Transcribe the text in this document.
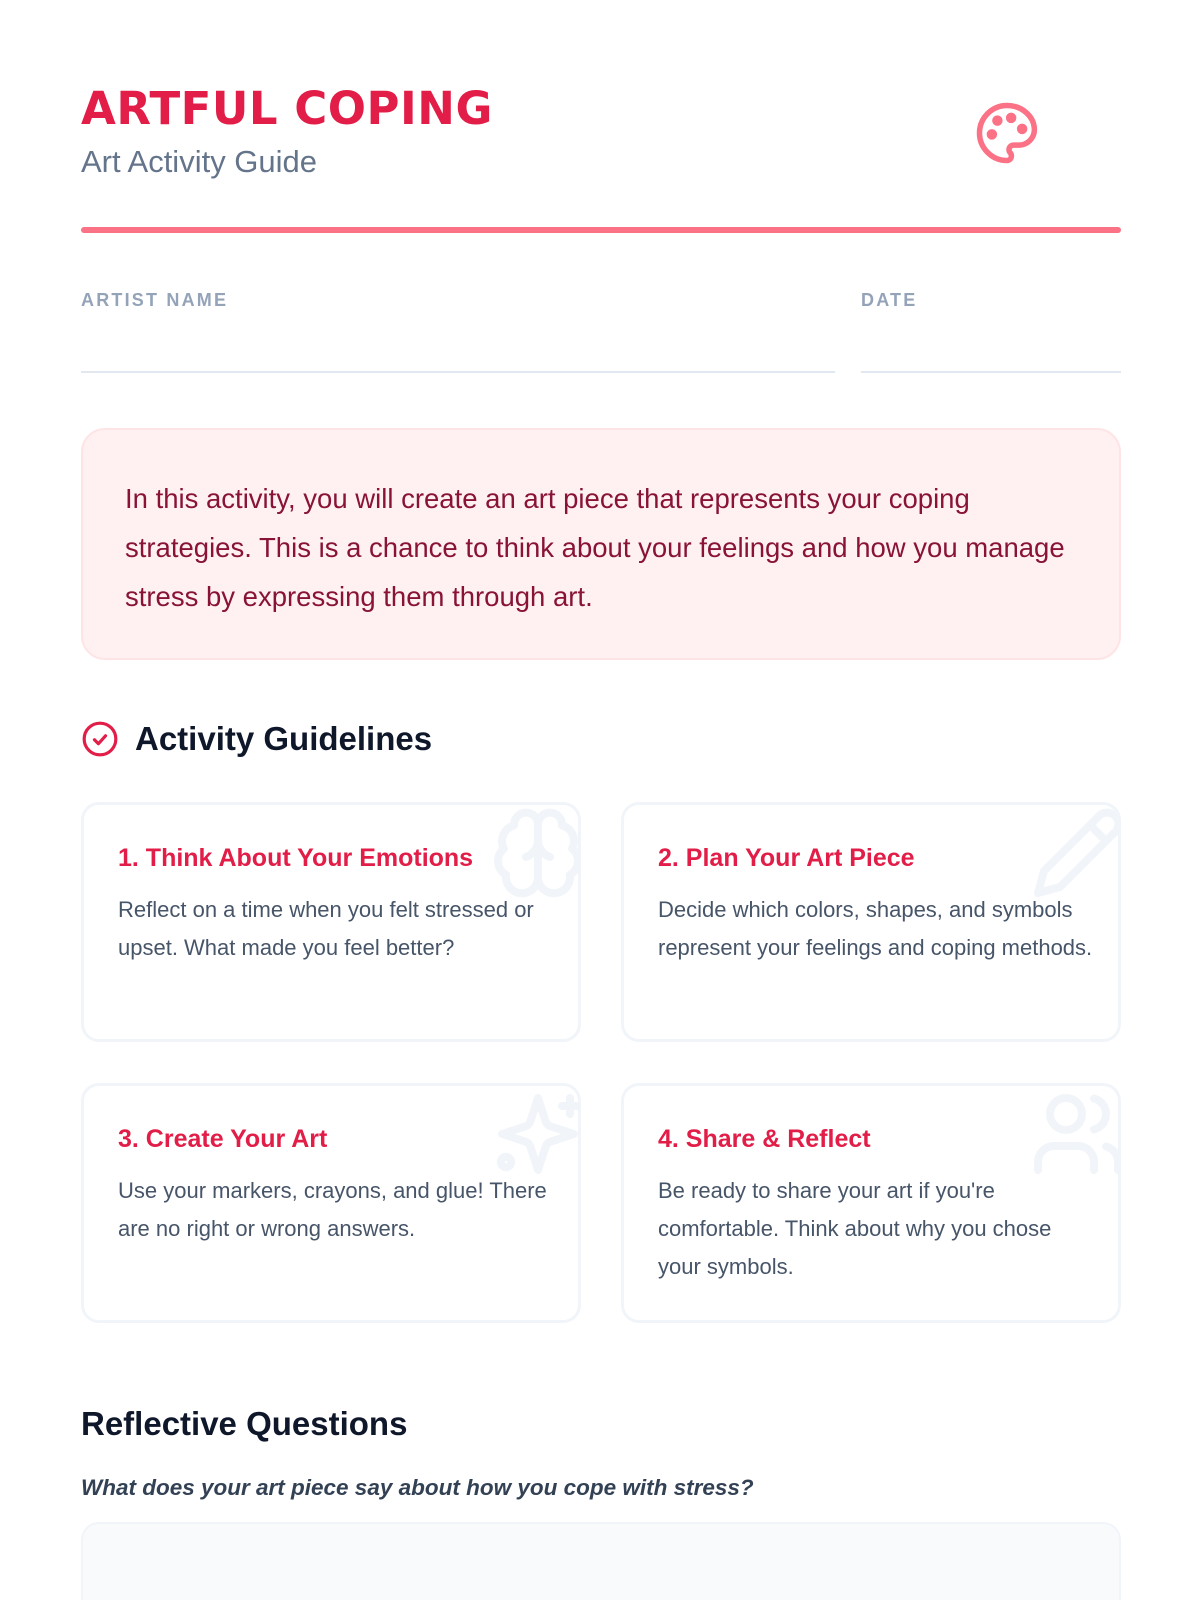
ARTFUL COPING
Art Activity Guide
ARTIST NAME	DATE

In this activity, you will create an art piece that represents your coping strategies. This is a chance to think about your feelings and how you manage stress by expressing them through art.

Activity Guidelines
1. Think About Your Emotions
Reflect on a time when you felt stressed or upset. What made you feel better?
2. Plan Your Art Piece
Decide which colors, shapes, and symbols represent your feelings and coping methods.
3. Create Your Art
Use your markers, crayons, and glue! There are no right or wrong answers.
4. Share & Reflect
Be ready to share your art if you're comfortable. Think about why you chose your symbols.
Reflective Questions
What does your art piece say about how you cope with stress?
